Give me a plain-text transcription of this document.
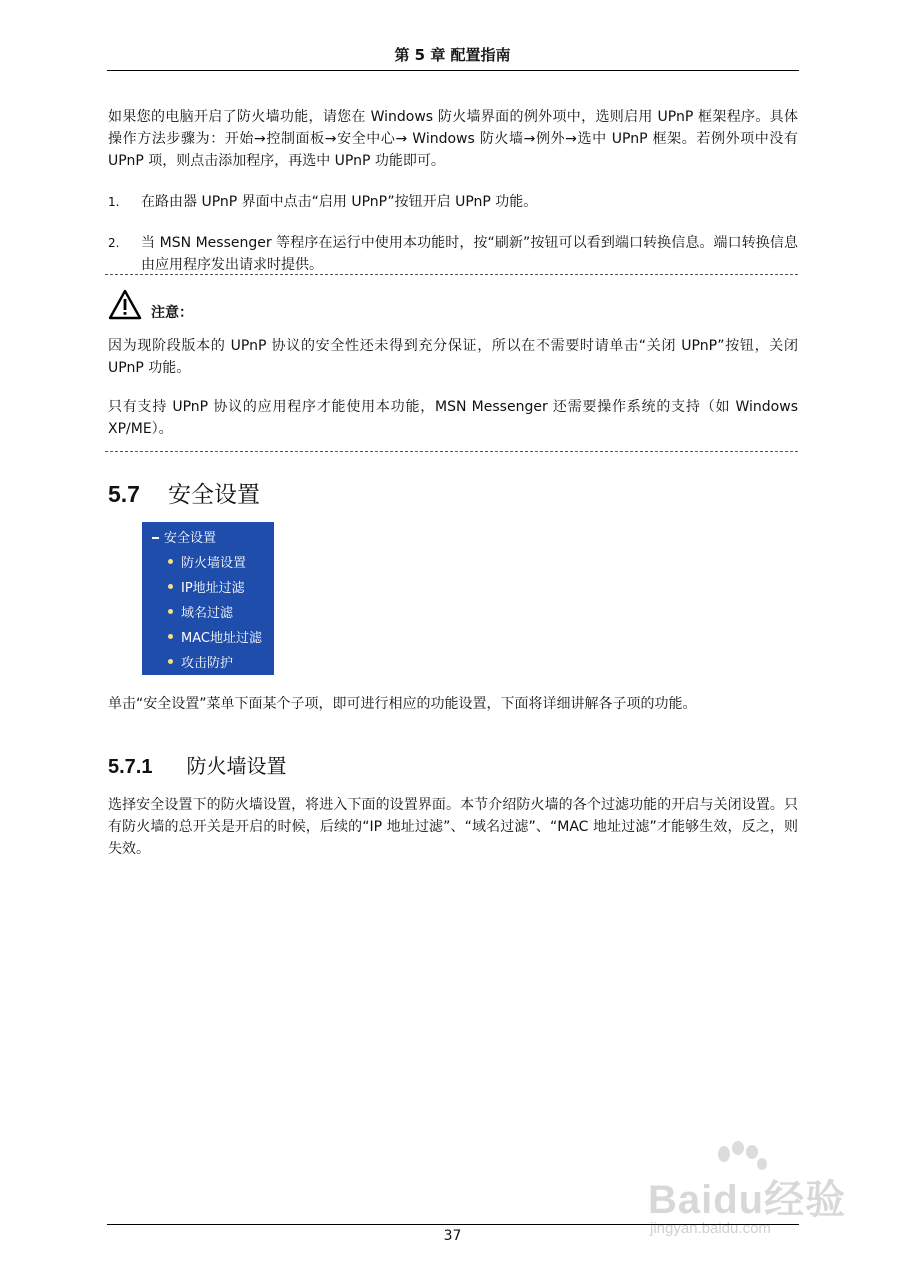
第 5 章 配置指南
如果您的电脑开启了防火墙功能，请您在 Windows 防火墙界面的例外项中，选则启用 UPnP 框架程序。具体操作方法步骤为：开始→控制面板→安全中心→ Windows 防火墙→例外→选中 UPnP 框架。若例外项中没有 UPnP 项，则点击添加程序，再选中 UPnP 功能即可。
1. 在路由器 UPnP 界面中点击“启用 UPnP”按钮开启 UPnP 功能。
2. 当 MSN Messenger 等程序在运行中使用本功能时，按“刷新”按钮可以看到端口转换信息。端口转换信息由应用程序发出请求时提供。
注意：
因为现阶段版本的 UPnP 协议的安全性还未得到充分保证，所以在不需要时请单击“关闭 UPnP”按钮，关闭 UPnP 功能。
只有支持 UPnP 协议的应用程序才能使用本功能，MSN Messenger 还需要操作系统的支持（如 Windows XP/ME）。
5.7 安全设置
安全设置
防火墙设置
IP地址过滤
域名过滤
MAC地址过滤
攻击防护
单击“安全设置”菜单下面某个子项，即可进行相应的功能设置，下面将详细讲解各子项的功能。
5.7.1 防火墙设置
选择安全设置下的防火墙设置，将进入下面的设置界面。本节介绍防火墙的各个过滤功能的开启与关闭设置。只有防火墙的总开关是开启的时候，后续的“IP 地址过滤”、“域名过滤”、“MAC 地址过滤”才能够生效，反之，则失效。
Baidu经验
jingyan.baidu.com
37
